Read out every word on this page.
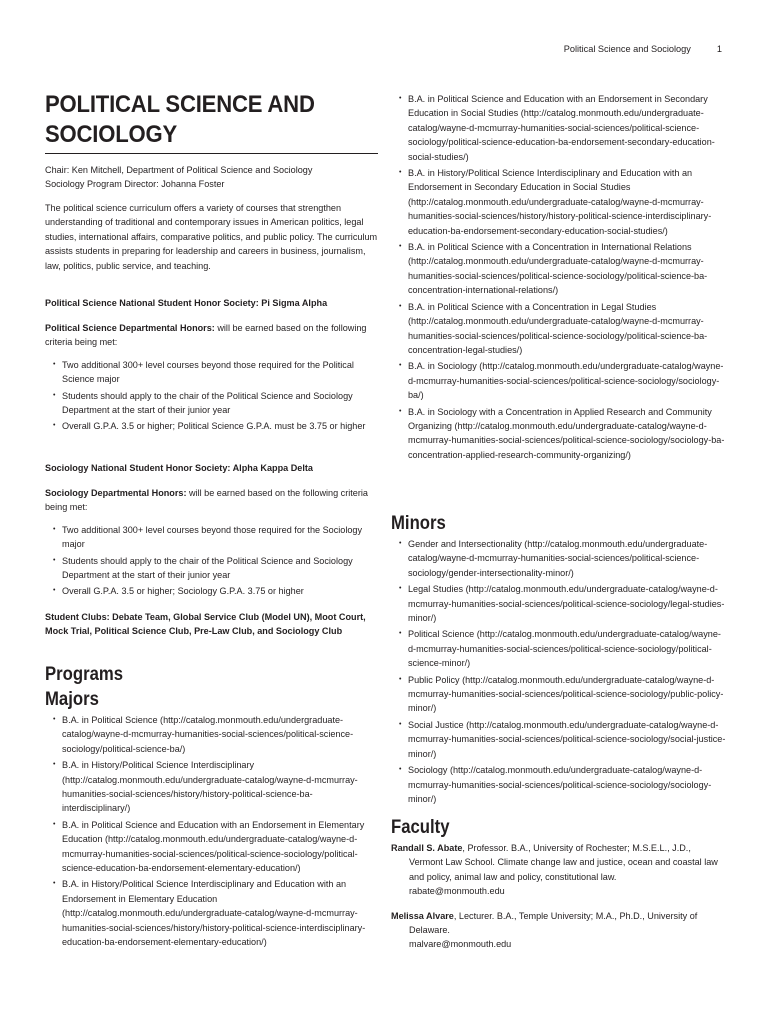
Political Science and Sociology	1
POLITICAL SCIENCE AND SOCIOLOGY

Chair: Ken Mitchell, Department of Political Science and Sociology

Sociology Program Director: Johanna Foster

The political science curriculum offers a variety of courses that strengthen understanding of traditional and contemporary issues in American politics, legal studies, international affairs, comparative politics, and public policy. The curriculum assists students in preparing for leadership and careers in business, journalism, law, politics, public service, and teaching.

Political Science National Student Honor Society: Pi Sigma Alpha

Political Science Departmental Honors: will be earned based on the following criteria being met:

• Two additional 300+ level courses beyond those required for the Political Science major
• Students should apply to the chair of the Political Science and Sociology Department at the start of their junior year
• Overall G.P.A. 3.5 or higher; Political Science G.P.A. must be 3.75 or higher

Sociology National Student Honor Society: Alpha Kappa Delta

Sociology Departmental Honors: will be earned based on the following criteria being met:

• Two additional 300+ level courses beyond those required for the Sociology major
• Students should apply to the chair of the Political Science and Sociology Department at the start of their junior year
• Overall G.P.A. 3.5 or higher; Sociology G.P.A. 3.75 or higher

Student Clubs: Debate Team, Global Service Club (Model UN), Moot Court, Mock Trial, Political Science Club, Pre-Law Club, and Sociology Club

Programs
Majors
• B.A. in Political Science (http://catalog.monmouth.edu/undergraduate-catalog/wayne-d-mcmurray-humanities-social-sciences/political-science-sociology/political-science-ba/)
• B.A. in History/Political Science Interdisciplinary (http://catalog.monmouth.edu/undergraduate-catalog/wayne-d-mcmurray-humanities-social-sciences/history/history-political-science-ba-interdisciplinary/)
• B.A. in Political Science and Education with an Endorsement in Elementary Education (http://catalog.monmouth.edu/undergraduate-catalog/wayne-d-mcmurray-humanities-social-sciences/political-science-sociology/political-science-education-ba-endorsement-elementary-education/)
• B.A. in History/Political Science Interdisciplinary and Education with an Endorsement in Elementary Education (http://catalog.monmouth.edu/undergraduate-catalog/wayne-d-mcmurray-humanities-social-sciences/history/history-political-science-interdisciplinary-education-ba-endorsement-elementary-education/)
• B.A. in Political Science and Education with an Endorsement in Secondary Education in Social Studies (http://catalog.monmouth.edu/undergraduate-catalog/wayne-d-mcmurray-humanities-social-sciences/political-science-sociology/political-science-education-ba-endorsement-secondary-education-social-studies/)
• B.A. in History/Political Science Interdisciplinary and Education with an Endorsement in Secondary Education in Social Studies (http://catalog.monmouth.edu/undergraduate-catalog/wayne-d-mcmurray-humanities-social-sciences/history/history-political-science-interdisciplinary-education-ba-endorsement-secondary-education-social-studies/)
• B.A. in Political Science with a Concentration in International Relations (http://catalog.monmouth.edu/undergraduate-catalog/wayne-d-mcmurray-humanities-social-sciences/political-science-sociology/political-science-ba-concentration-international-relations/)
• B.A. in Political Science with a Concentration in Legal Studies (http://catalog.monmouth.edu/undergraduate-catalog/wayne-d-mcmurray-humanities-social-sciences/political-science-sociology/political-science-ba-concentration-legal-studies/)
• B.A. in Sociology (http://catalog.monmouth.edu/undergraduate-catalog/wayne-d-mcmurray-humanities-social-sciences/political-science-sociology/sociology-ba/)
• B.A. in Sociology with a Concentration in Applied Research and Community Organizing (http://catalog.monmouth.edu/undergraduate-catalog/wayne-d-mcmurray-humanities-social-sciences/political-science-sociology/sociology-ba-concentration-applied-research-community-organizing/)
Minors
• Gender and Intersectionality (http://catalog.monmouth.edu/undergraduate-catalog/wayne-d-mcmurray-humanities-social-sciences/political-science-sociology/gender-intersectionality-minor/)
• Legal Studies (http://catalog.monmouth.edu/undergraduate-catalog/wayne-d-mcmurray-humanities-social-sciences/political-science-sociology/legal-studies-minor/)
• Political Science (http://catalog.monmouth.edu/undergraduate-catalog/wayne-d-mcmurray-humanities-social-sciences/political-science-sociology/political-science-minor/)
• Public Policy (http://catalog.monmouth.edu/undergraduate-catalog/wayne-d-mcmurray-humanities-social-sciences/political-science-sociology/public-policy-minor/)
• Social Justice (http://catalog.monmouth.edu/undergraduate-catalog/wayne-d-mcmurray-humanities-social-sciences/political-science-sociology/social-justice-minor/)
• Sociology (http://catalog.monmouth.edu/undergraduate-catalog/wayne-d-mcmurray-humanities-social-sciences/political-science-sociology/sociology-minor/)
Faculty

Randall S. Abate, Professor. B.A., University of Rochester; M.S.E.L., J.D., Vermont Law School. Climate change law and justice, ocean and coastal law and policy, animal law and policy, constitutional law.
rabate@monmouth.edu

Melissa Alvare, Lecturer. B.A., Temple University; M.A., Ph.D., University of Delaware.
malvare@monmouth.edu
